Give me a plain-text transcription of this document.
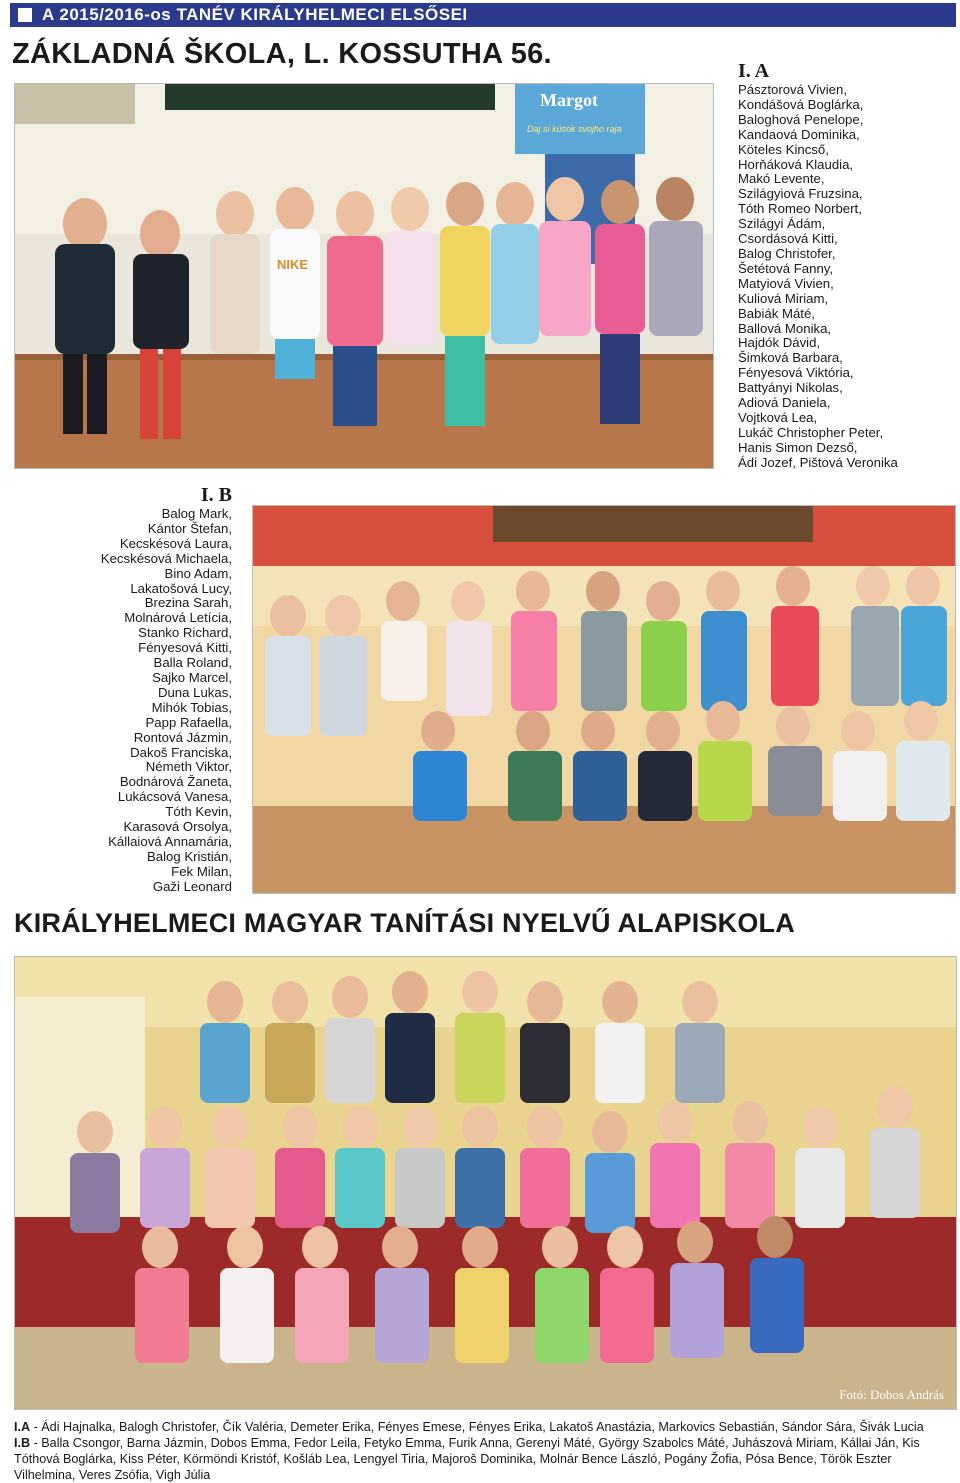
A 2015/2016-os TANÉV KIRÁLYHELMECI ELSŐSEI
ZÁKLADNÁ ŠKOLA, L. KOSSUTHA 56.
Margot
Daj si kúsok svojho raja
NIKE
I. A
Pásztorová Vivien,
Kondášová Boglárka,
Baloghová Penelope,
Kandaová Dominika,
Köteles Kincső,
Horňáková Klaudia,
Makó Levente,
Szilágyiová Fruzsina,
Tóth Romeo Norbert,
Szilágyi Ádám,
Csordásová Kitti,
Balog Christofer,
Šetétová Fanny,
Matyiová Vivien,
Kuliová Miriam,
Babiák Máté,
Ballová Monika,
Hajdók Dávid,
Šimková Barbara,
Fényesová Viktória,
Battyányi Nikolas,
Adiová Daniela,
Vojtková Lea,
Lukáč Christopher Peter,
Hanis Simon Dezső,
Ádi Jozef, Pištová Veronika
I. B
Balog Mark,
Kántor Štefan,
Kecskésová Laura,
Kecskésová Michaela,
Bino Adam,
Lakatošová Lucy,
Brezina Sarah,
Molnárová Letícia,
Stanko Richard,
Fényesová Kitti,
Balla Roland,
Sajko Marcel,
Duna Lukas,
Mihók Tobias,
Papp Rafaella,
Rontová Jázmin,
Dakoš Franciska,
Németh Viktor,
Bodnárová Žaneta,
Lukácsová Vanesa,
Tóth Kevin,
Karasová Orsolya,
Kállaiová Annamária,
Balog Kristián,
Fek Milan,
Gaži Leonard
KIRÁLYHELMECI MAGYAR TANÍTÁSI NYELVŰ ALAPISKOLA
Fotó: Dobos András
I.A - Ádi Hajnalka, Balogh Christofer, Čík Valéria, Demeter Erika, Fényes Emese, Fényes Erika, Lakatoš Anastázia, Markovics Sebastián, Sándor Sára, Šivák Lucia
I.B - Balla Csongor, Barna Jázmin, Dobos Emma, Fedor Leila, Fetyko Emma, Furik Anna, Gerenyi Máté, György Szabolcs Máté, Juhászová Miriam, Kállai Ján, Kis Tóthová Boglárka, Kiss Péter, Körmöndi Kristóf, Košláb Lea, Lengyel Tiria, Majoroš Dominika, Molnár Bence László, Pogány Žofia, Pósa Bence, Török Eszter Vilhelmina, Veres Zsófia, Vigh Júlia
